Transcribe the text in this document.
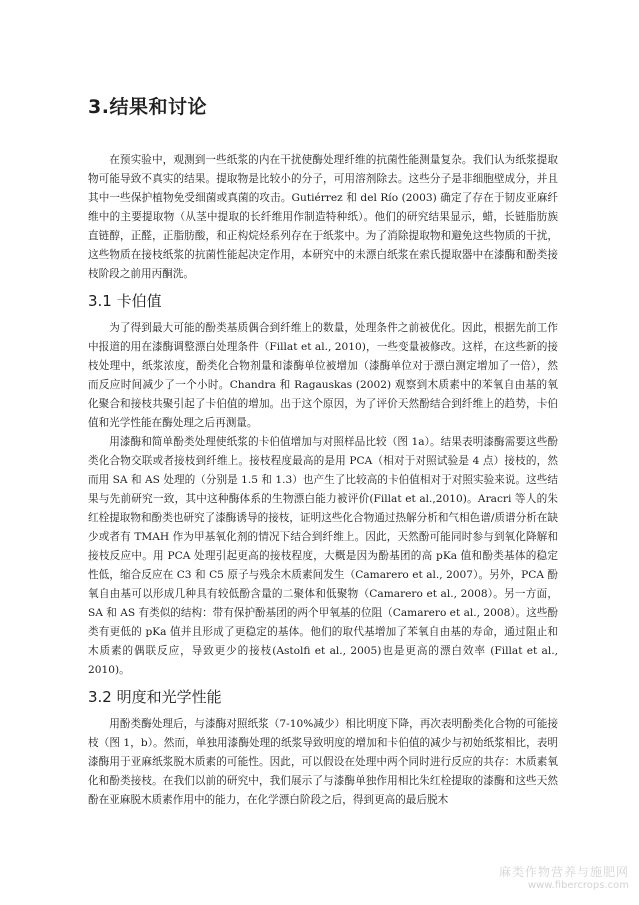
3.结果和讨论

在预实验中，观测到一些纸浆的内在干扰使酶处理纤维的抗菌性能测量复杂。我们认为纸浆提取物可能导致不真实的结果。提取物是比较小的分子，可用溶剂除去。这些分子是非细胞壁成分，并且其中一些保护植物免受细菌或真菌的攻击。Gutiérrez 和 del Río (2003) 确定了存在于韧皮亚麻纤维中的主要提取物（从茎中提取的长纤维用作制造特种纸）。他们的研究结果显示，蜡，长链脂肪族直链醇，正醛，正脂肪酸，和正构烷烃系列存在于纸浆中。为了消除提取物和避免这些物质的干扰，这些物质在接枝纸浆的抗菌性能起决定作用，本研究中的未漂白纸浆在索氏提取器中在漆酶和酚类接枝阶段之前用丙酮洗。

3.1 卡伯值

为了得到最大可能的酚类基质偶合到纤维上的数量，处理条件之前被优化。因此，根据先前工作中报道的用在漆酶调整漂白处理条件（Fillat et al., 2010)，一些变量被修改。这样，在这些新的接枝处理中，纸浆浓度，酚类化合物剂量和漆酶单位被增加（漆酶单位对于漂白测定增加了一倍），然而反应时间减少了一个小时。Chandra 和 Ragauskas (2002) 观察到木质素中的苯氧自由基的氧化聚合和接枝共聚引起了卡伯值的增加。出于这个原因，为了评价天然酚结合到纤维上的趋势，卡伯值和光学性能在酶处理之后再测量。

用漆酶和简单酚类处理使纸浆的卡伯值增加与对照样品比较（图 1a）。结果表明漆酶需要这些酚类化合物交联或者接枝到纤维上。接枝程度最高的是用 PCA（相对于对照试验是 4 点）接枝的，然而用 SA 和 AS 处理的（分别是 1.5 和 1.3）也产生了比较高的卡伯值相对于对照实验来说。这些结果与先前研究一致，其中这种酶体系的生物漂白能力被评价(Fillat et al.,2010)。Aracri 等人的朱红栓提取物和酚类也研究了漆酶诱导的接枝，证明这些化合物通过热解分析和气相色谱/质谱分析在缺少或者有 TMAH 作为甲基氧化剂的情况下结合到纤维上。因此，天然酚可能同时参与到氧化降解和接枝反应中。用 PCA 处理引起更高的接枝程度，大概是因为酚基团的高 pKa 值和酚类基体的稳定性低，缩合反应在 C3 和 C5 原子与残余木质素间发生（Camarero et al., 2007）。另外，PCA 酚氧自由基可以形成几种具有较低酚含量的二聚体和低聚物（Camarero et al., 2008）。另一方面，SA 和 AS 有类似的结构：带有保护酚基团的两个甲氧基的位阻（Camarero et al., 2008）。这些酚类有更低的 pKa 值并且形成了更稳定的基体。他们的取代基增加了苯氧自由基的寿命，通过阻止和木质素的偶联反应，导致更少的接枝(Astolfi et al., 2005)也是更高的漂白效率 (Fillat et al., 2010)。

3.2 明度和光学性能

用酚类酶处理后，与漆酶对照纸浆（7-10%减少）相比明度下降，再次表明酚类化合物的可能接枝（图 1，b）。然而，单独用漆酶处理的纸浆导致明度的增加和卡伯值的减少与初始纸浆相比，表明漆酶用于亚麻纸浆脱木质素的可能性。因此，可以假设在处理中两个同时进行反应的共存：木质素氧化和酚类接枝。在我们以前的研究中，我们展示了与漆酶单独作用相比朱红栓提取的漆酶和这些天然酚在亚麻脱木质素作用中的能力，在化学漂白阶段之后，得到更高的最后脱木

麻类作物营养与施肥网
www.fibercrops.com
